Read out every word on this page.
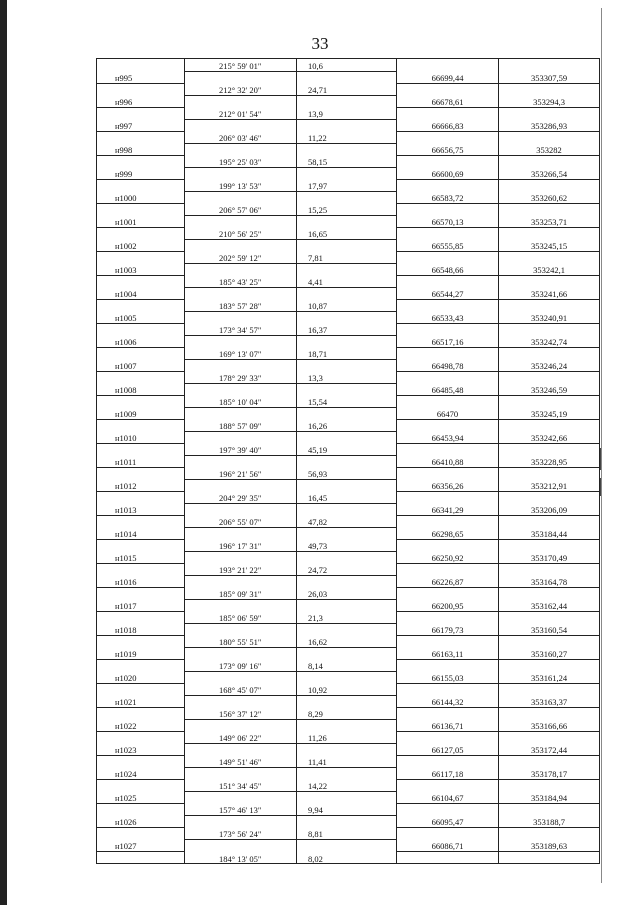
33
	215° 59' 01"	10,6		
н995			66699,44	353307,59
	212° 32' 20"	24,71		
н996			66678,61	353294,3
	212° 01' 54"	13,9		
н997			66666,83	353286,93
	206° 03' 46"	11,22		
н998			66656,75	353282
	195° 25' 03"	58,15		
н999			66600,69	353266,54
	199° 13' 53"	17,97		
н1000			66583,72	353260,62
	206° 57' 06"	15,25		
н1001			66570,13	353253,71
	210° 56' 25"	16,65		
н1002			66555,85	353245,15
	202° 59' 12"	7,81		
н1003			66548,66	353242,1
	185° 43' 25"	4,41		
н1004			66544,27	353241,66
	183° 57' 28"	10,87		
н1005			66533,43	353240,91
	173° 34' 57"	16,37		
н1006			66517,16	353242,74
	169° 13' 07"	18,71		
н1007			66498,78	353246,24
	178° 29' 33"	13,3		
н1008			66485,48	353246,59
	185° 10' 04"	15,54		
н1009			66470	353245,19
	188° 57' 09"	16,26		
н1010			66453,94	353242,66
	197° 39' 40"	45,19		
н1011			66410,88	353228,95
	196° 21' 56"	56,93		
н1012			66356,26	353212,91
	204° 29' 35"	16,45		
н1013			66341,29	353206,09
	206° 55' 07"	47,82		
н1014			66298,65	353184,44
	196° 17' 31"	49,73		
н1015			66250,92	353170,49
	193° 21' 22"	24,72		
н1016			66226,87	353164,78
	185° 09' 31"	26,03		
н1017			66200,95	353162,44
	185° 06' 59"	21,3		
н1018			66179,73	353160,54
	180° 55' 51"	16,62		
н1019			66163,11	353160,27
	173° 09' 16"	8,14		
н1020			66155,03	353161,24
	168° 45' 07"	10,92		
н1021			66144,32	353163,37
	156° 37' 12"	8,29		
н1022			66136,71	353166,66
	149° 06' 22"	11,26		
н1023			66127,05	353172,44
	149° 51' 46"	11,41		
н1024			66117,18	353178,17
	151° 34' 45"	14,22		
н1025			66104,67	353184,94
	157° 46' 13"	9,94		
н1026			66095,47	353188,7
	173° 56' 24"	8,81		
н1027			66086,71	353189,63
	184° 13' 05"	8,02		
